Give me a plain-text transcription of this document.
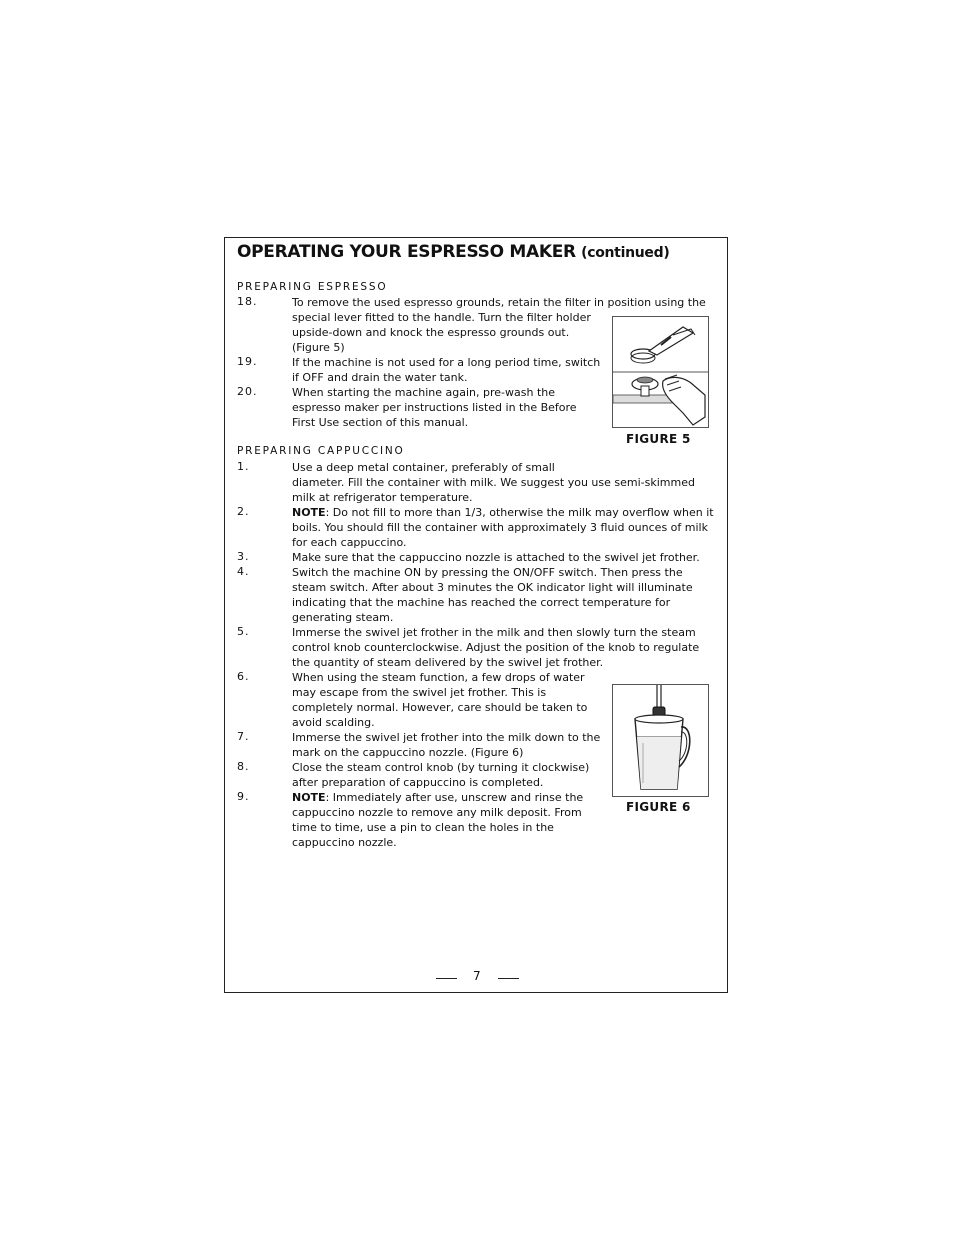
OPERATING YOUR ESPRESSO MAKER (continued)
PREPARING ESPRESSO
18.	To remove the used espresso grounds, retain the filter in position using the
special lever fitted to the handle. Turn the filter holder
upside-down and knock the espresso grounds out.
(Figure 5)
19.	If the machine is not used for a long period time, switch
if OFF and drain the water tank.
20.	When starting the machine again, pre-wash the
espresso maker per instructions listed in the Before
First Use section of this manual.
FIGURE 5
PREPARING CAPPUCCINO
1.	Use a deep metal container, preferably of small
diameter. Fill the container with milk. We suggest you use semi-skimmed
milk at refrigerator temperature.
2.	NOTE: Do not fill to more than 1/3, otherwise the milk may overflow when it
boils. You should fill the container with approximately 3 fluid ounces of milk
for each cappuccino.
3.	Make sure that the cappuccino nozzle is attached to the swivel jet frother.
4.	Switch the machine ON by pressing the ON/OFF switch. Then press the
steam switch. After about 3 minutes the OK indicator light will illuminate
indicating that the machine has reached the correct temperature for
generating steam.
5.	Immerse the swivel jet frother in the milk and then slowly turn the steam
control knob counterclockwise. Adjust the position of the knob to regulate
the quantity of steam delivered by the swivel jet frother.
6.	When using the steam function, a few drops of water
may escape from the swivel jet frother. This is
completely normal. However, care should be taken to
avoid scalding.
7.	Immerse the swivel jet frother into the milk down to the
mark on the cappuccino nozzle. (Figure 6)
8.	Close the steam control knob (by turning it clockwise)
after preparation of cappuccino is completed.
9.	NOTE: Immediately after use, unscrew and rinse the
cappuccino nozzle to remove any milk deposit. From
time to time, use a pin to clean the holes in the
cappuccino nozzle.
FIGURE 6
7
